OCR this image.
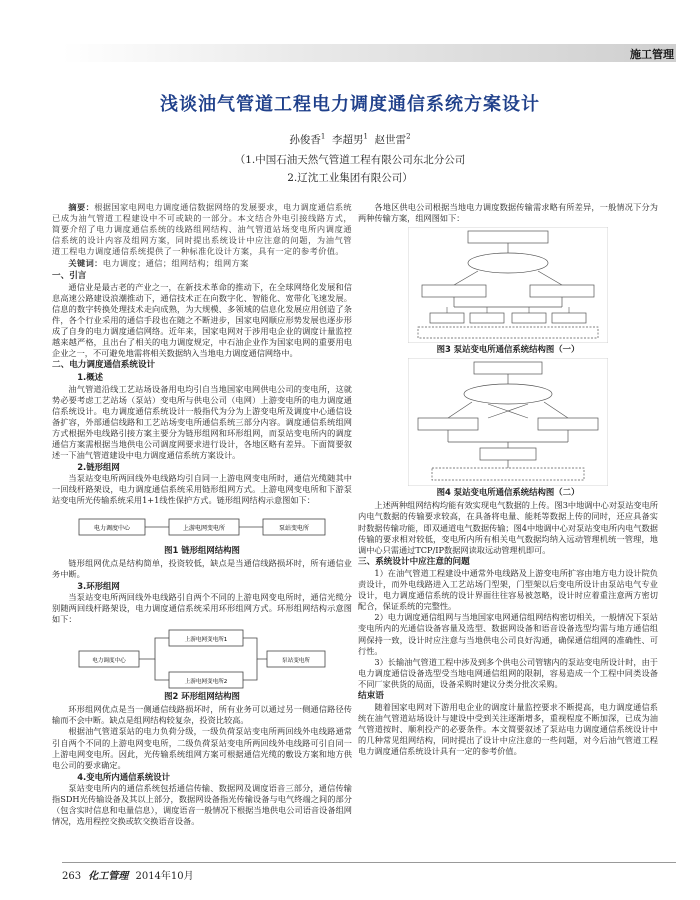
施工管理
浅谈油气管道工程电力调度通信系统方案设计
孙俊香$^1$ 李超男$^1$ 赵世雷$^2$
（1.中国石油天然气管道工程有限公司东北分公司
2.辽沈工业集团有限公司）

摘要：根据国家电网电力调度通信数据网络的发展要求，电力调度通信系统已成为油气管道工程建设中不可或缺的一部分。本文结合外电引接线路方式，简要介绍了电力调度通信系统的线路组网结构、油气管道站场变电所内调度通信系统的设计内容及组网方案，同时提出系统设计中应注意的问题，为油气管道工程电力调度通信系统提供了一种标准化设计方案，具有一定的参考价值。

关键词：电力调度；通信；组网结构；组网方案

一、引言

通信业是最古老的产业之一，在新技术革命的推动下，在全球网络化发展和信息高速公路建设浪潮推动下，通信技术正在向数字化、智能化、宽带化飞速发展。信息的数字转换处理技术走向成熟，为大规模、多领域的信息化发展应用创造了条件，各个行业采用的通信手段也在随之不断进步，国家电网顺应形势发展也逐步形成了自身的电力调度通信网络。近年来，国家电网对于涉用电企业的调度计量监控越来越严格，且出台了相关的电力调度规定，中石油企业作为国家电网的重要用电企业之一，不可避免地需将相关数据纳入当地电力调度通信网络中。

二、电力调度通信系统设计
1.概述

油气管道沿线工艺站场设备用电均引自当地国家电网供电公司的变电所，这就势必要考虑工艺站场（泵站）变电所与供电公司（电网）上游变电所的电力调度通信系统设计。电力调度通信系统设计一般指代为分为上游变电所及调度中心通信设备扩容，外部通信线路和工艺站场变电所通信系统三部分内容。调度通信系统组网方式根据外电线路引接方案主要分为链形组网和环形组网，而泵站变电所内的调度通信方案需根据当地供电公司调度网要求进行设计，各地区略有差异。下面简要叙述一下油气管道建设中电力调度通信系统方案设计。

2.链形组网

当泵站变电所两回线外电线路均引自同一上游电网变电所时，通信光缆随其中一回线杆路架设，电力调度通信系统采用链形组网方式。上游电网变电所和下游泵站变电所光传输系统采用1+1线性保护方式。链形组网结构示意图如下：

电力调度中心	上游电网变电所	泵站变电所
图1 链形组网结构图

链形组网优点是结构简单，投资较低，缺点是当通信线路损坏时，所有通信业务中断。

3.环形组网

当泵站变电所两回线外电线路引自两个不同的上游电网变电所时，通信光缆分别随两回线杆路架设，电力调度通信系统采用环形组网方式。环形组网结构示意图如下：

电力调度中心
上游电网变电所1
上游电网变电所2
泵站变电所
图2 环形组网结构图

环形组网优点是当一侧通信线路损坏时，所有业务可以通过另一侧通信路径传输而不会中断。缺点是组网结构较复杂，投资比较高。

根据油气管道泵站的电力负荷分级，一级负荷泵站变电所两回线外电线路通常引自两个不同的上游电网变电所，二级负荷泵站变电所两回线外电线路可引自同一上游电网变电所。因此，光传输系统组网方案可根据通信光缆的敷设方案和地方供电公司的要求确定。

4.变电所内通信系统设计

泵站变电所内的通信系统包括通信传输、数据网及调度语音三部分，通信传输指SDH光传输设备及其以上部分，数据网设备指光传输设备与电气终端之间的部分（包含实时信息和电量信息），调度语音一般情况下根据当地供电公司语音设备组网情况，选用程控交换或软交换语音设备。

各地区供电公司根据当地电力调度数据传输需求略有所差异，一般情况下分为两种传输方案，组网图如下：

图3 泵站变电所通信系统结构图（一）
图4 泵站变电所通信系统结构图（二）

上述两种组网结构均能有效实现电气数据的上传。图3中地调中心对泵站变电所内电气数据的传输要求较高，在具备将电量、能耗等数据上传的同时，还应具备实时数据传输功能，即双通道电气数据传输；图4中地调中心对泵站变电所内电气数据传输的要求相对较低，变电所内所有相关电气数据均纳入远动管理机统一管理，地调中心只需通过TCP/IP数据网读取远动管理机即可。

三、系统设计中应注意的问题

1）在油气管道工程建设中通常外电线路及上游变电所扩容由地方电力设计院负责设计，而外电线路进入工艺站场门型架，门型架以后变电所设计由泵站电气专业设计，电力调度通信系统的设计界面往往容易被忽略，设计时应着重注意两方密切配合，保证系统的完整性。

2）电力调度通信组网与当地国家电网通信组网结构密切相关，一般情况下泵站变电所内的光通信设备容量及选型、数据网设备和语音设备选型均需与地方通信组网保持一致，设计时应注意与当地供电公司良好沟通，确保通信组网的准确性、可行性。

3）长输油气管道工程中涉及到多个供电公司管辖内的泵站变电所设计时，由于电力调度通信设备选型受当地电网通信组网的限制，容易造成一个工程中同类设备不同厂家供货的局面，设备采购时建议分类分批次采购。

结束语

随着国家电网对下游用电企业的调度计量监控要求不断提高，电力调度通信系统在油气管道站场设计与建设中受到关注逐渐增多，重视程度不断加深，已成为油气管道按时、顺利投产的必要条件。本文简要叙述了泵站电力调度通信系统设计中的几种常见组网结构，同时提出了设计中应注意的一些问题，对今后油气管道工程电力调度通信系统设计具有一定的参考价值。

263 化工管理 2014年10月
